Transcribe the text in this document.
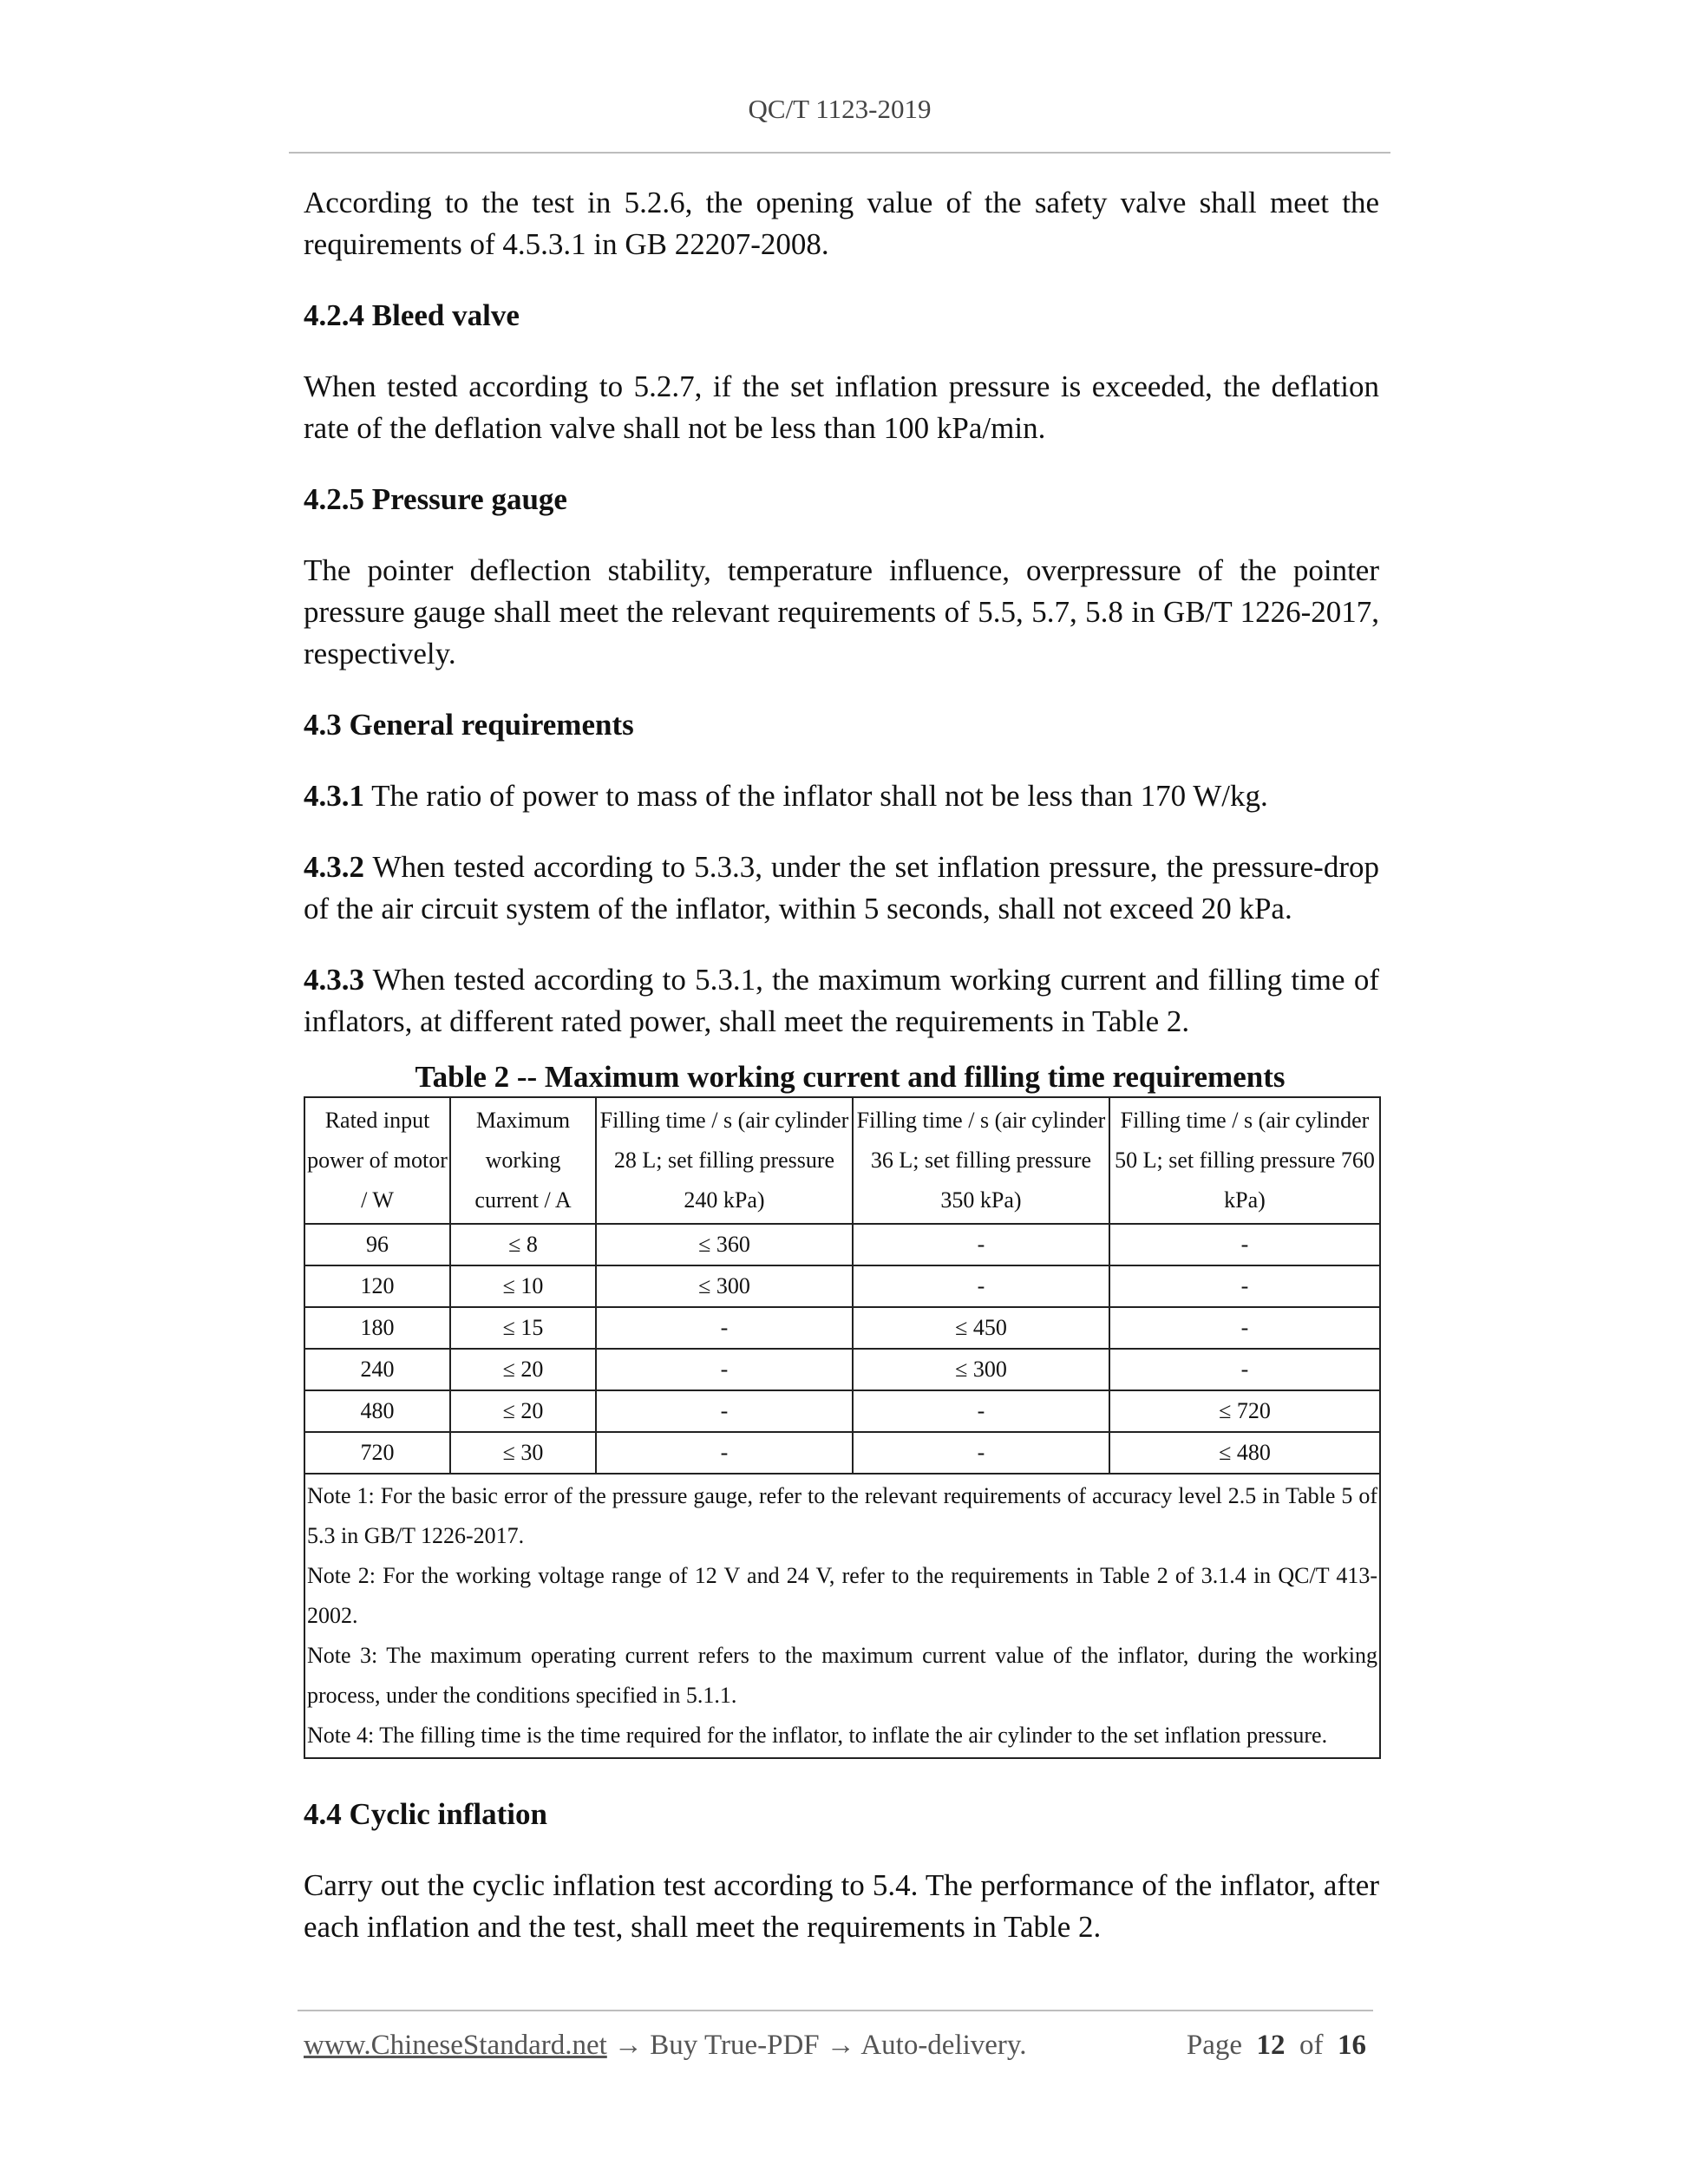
QC/T 1123-2019

According to the test in 5.2.6, the opening value of the safety valve shall meet the requirements of 4.5.3.1 in GB 22207-2008.

4.2.4 Bleed valve

When tested according to 5.2.7, if the set inflation pressure is exceeded, the deflation rate of the deflation valve shall not be less than 100 kPa/min.

4.2.5 Pressure gauge

The pointer deflection stability, temperature influence, overpressure of the pointer pressure gauge shall meet the relevant requirements of 5.5, 5.7, 5.8 in GB/T 1226-2017, respectively.

4.3 General requirements

4.3.1 The ratio of power to mass of the inflator shall not be less than 170 W/kg.

4.3.2 When tested according to 5.3.3, under the set inflation pressure, the pressure-drop of the air circuit system of the inflator, within 5 seconds, shall not exceed 20 kPa.

4.3.3 When tested according to 5.3.1, the maximum working current and filling time of inflators, at different rated power, shall meet the requirements in Table 2.

Table 2 -- Maximum working current and filling time requirements
Rated input power of motor / W	Maximum working current / A	Filling time / s (air cylinder 28 L; set filling pressure 240 kPa)	Filling time / s (air cylinder 36 L; set filling pressure 350 kPa)	Filling time / s (air cylinder 50 L; set filling pressure 760 kPa)
96	≤ 8	≤ 360	-	-
120	≤ 10	≤ 300	-	-
180	≤ 15	-	≤ 450	-
240	≤ 20	-	≤ 300	-
480	≤ 20	-	-	≤ 720
720	≤ 30	-	-	≤ 480

Note 1: For the basic error of the pressure gauge, refer to the relevant requirements of accuracy level 2.5 in Table 5 of 5.3 in GB/T 1226-2017.
Note 2: For the working voltage range of 12 V and 24 V, refer to the requirements in Table 2 of 3.1.4 in QC/T 413-2002.
Note 3: The maximum operating current refers to the maximum current value of the inflator, during the working process, under the conditions specified in 5.1.1.
Note 4: The filling time is the time required for the inflator, to inflate the air cylinder to the set inflation pressure.				
4.4 Cyclic inflation

Carry out the cyclic inflation test according to 5.4. The performance of the inflator, after each inflation and the test, shall meet the requirements in Table 2.

www.ChineseStandard.net → Buy True-PDF → Auto-delivery.	Page 12 of 16
